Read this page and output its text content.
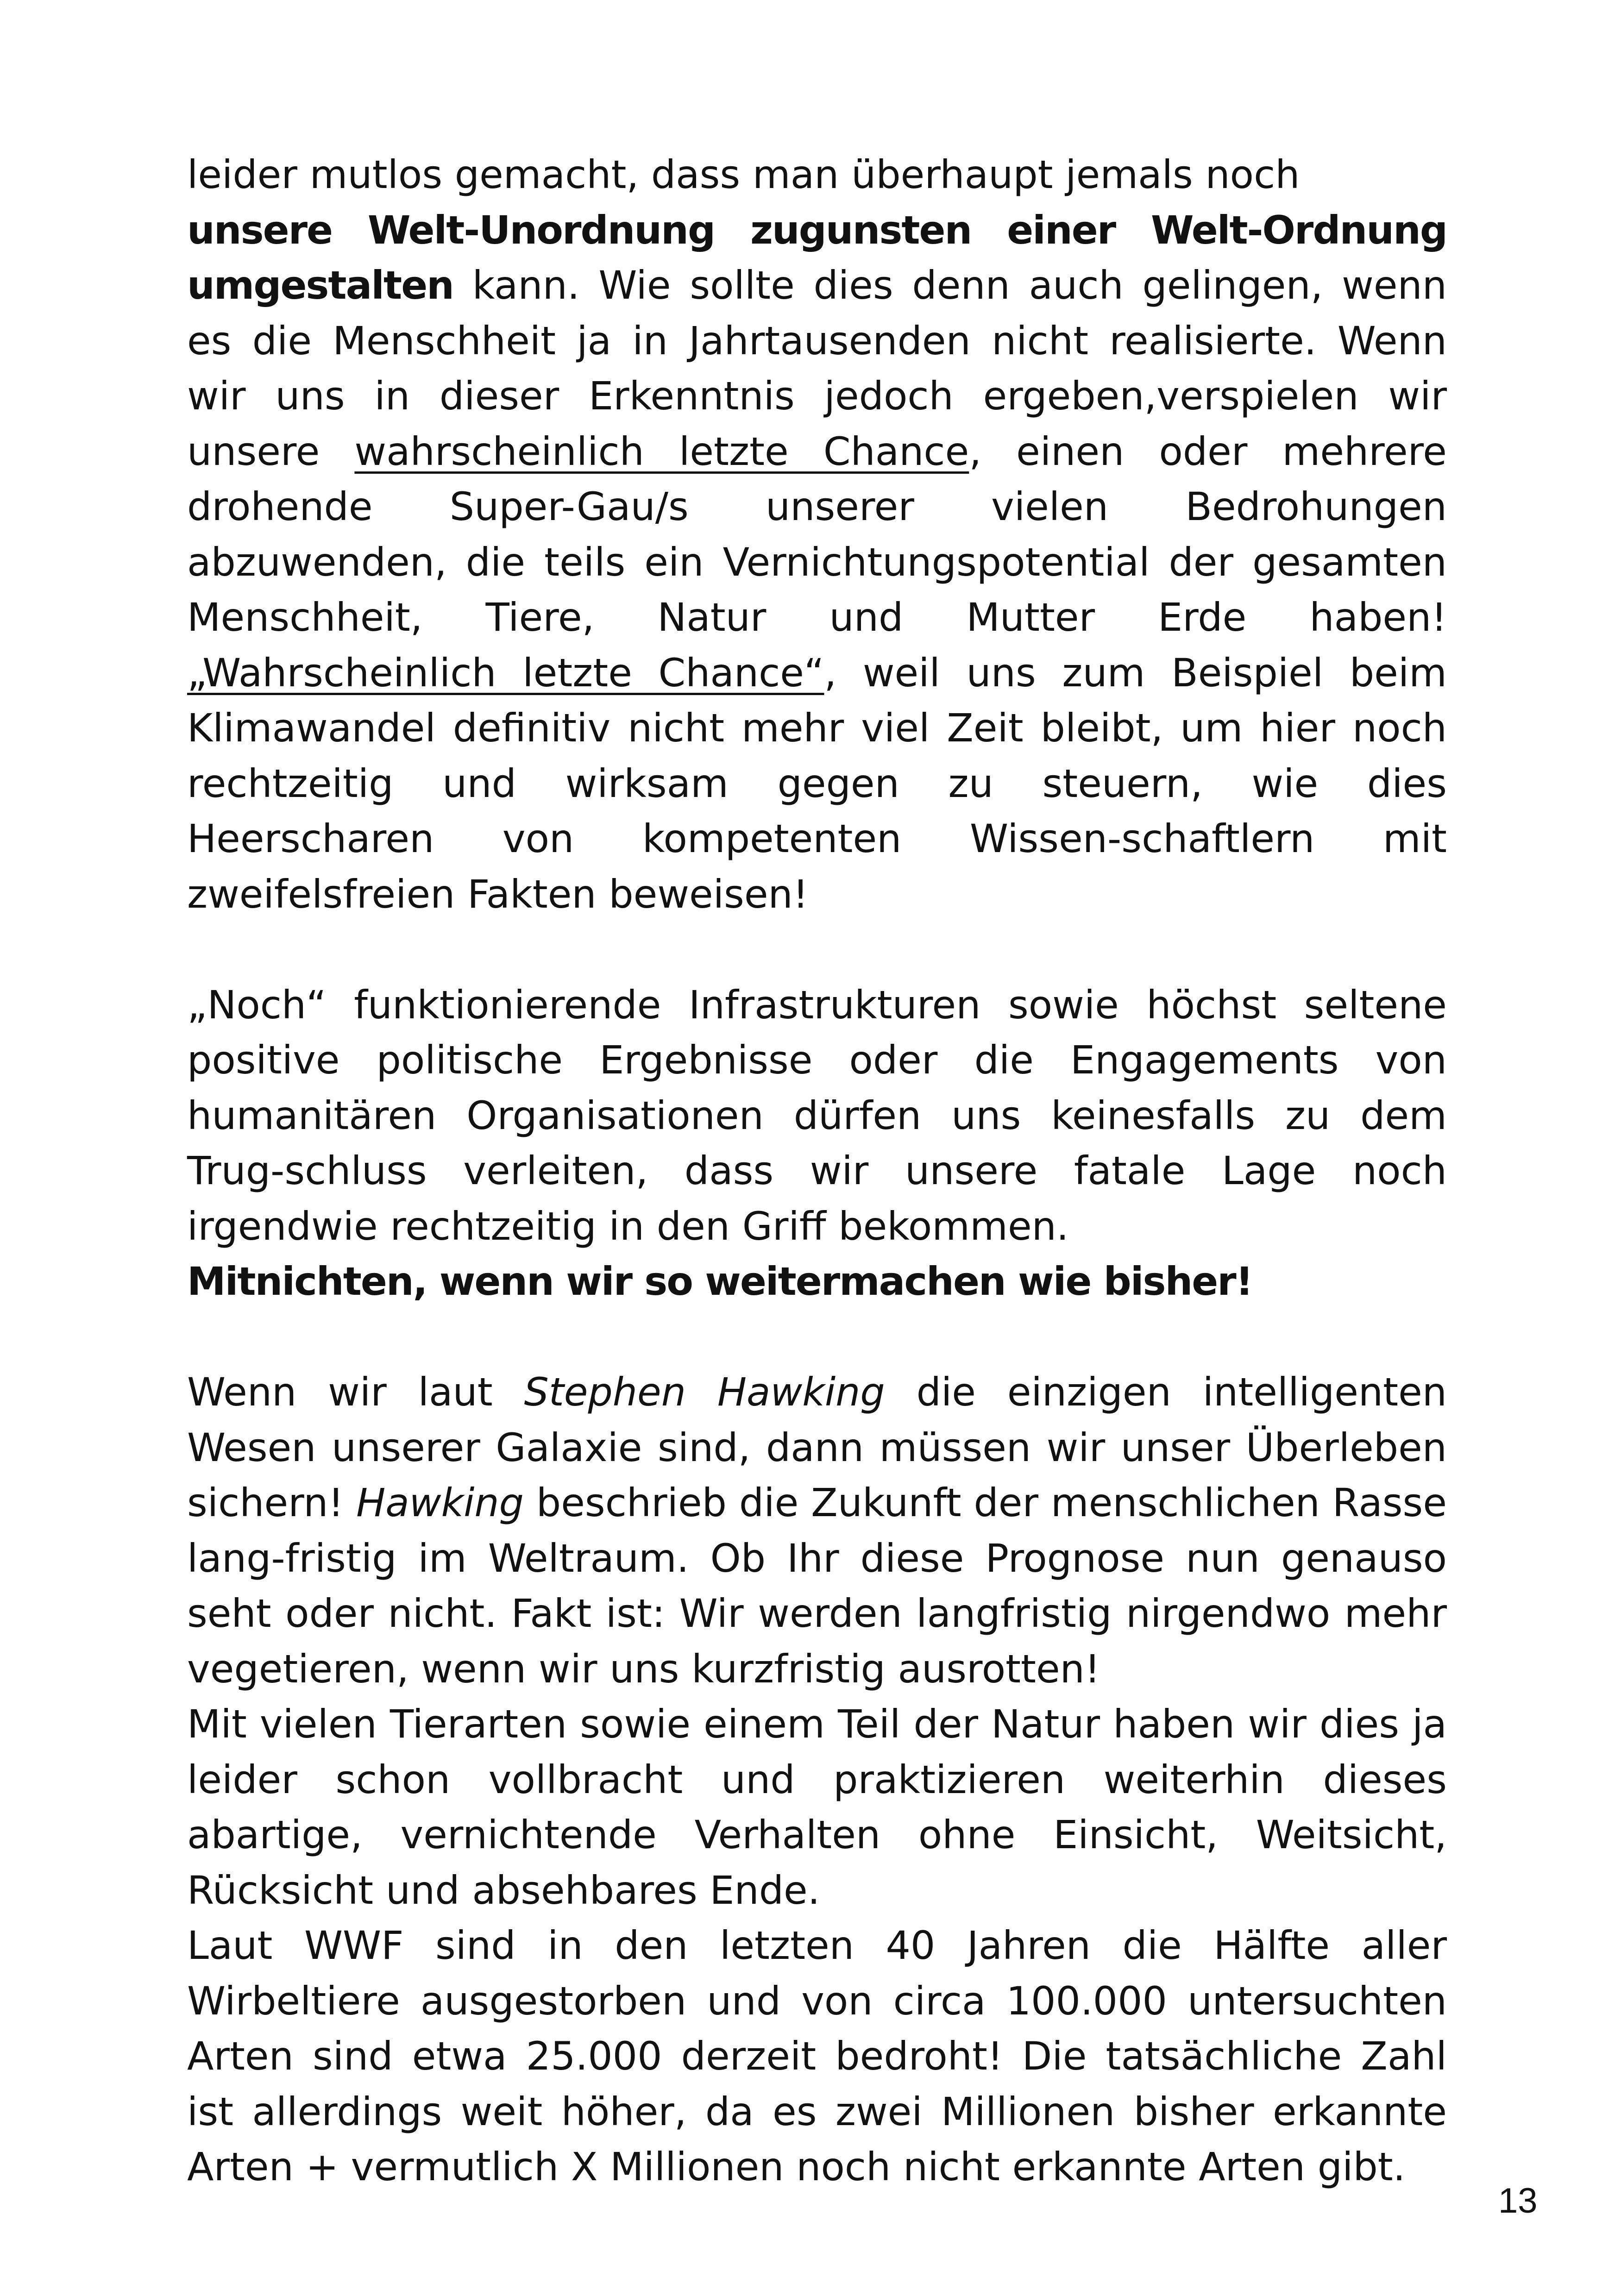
leider mutlos gemacht, dass man überhaupt jemals noch

unsere Welt-Unordnung zugunsten einer Welt-Ordnung umgestalten kann. Wie sollte dies denn auch gelingen, wenn es die Menschheit ja in Jahrtausenden nicht realisierte. Wenn wir uns in dieser Erkenntnis jedoch ergeben,verspielen wir unsere wahrscheinlich letzte Chance, einen oder mehrere drohende Super-Gau/s unserer vielen Bedrohungen abzuwenden, die teils ein Vernichtungspotential der gesamten Menschheit, Tiere, Natur und Mutter Erde haben! „Wahrscheinlich letzte Chance“, weil uns zum Beispiel beim Klimawandel definitiv nicht mehr viel Zeit bleibt, um hier noch rechtzeitig und wirksam gegen zu steuern, wie dies Heerscharen von kompetenten Wissen-schaftlern mit zweifelsfreien Fakten beweisen!

„Noch“ funktionierende Infrastrukturen sowie höchst seltene positive politische Ergebnisse oder die Engagements von humanitären Organisationen dürfen uns keinesfalls zu dem Trug-schluss verleiten, dass wir unsere fatale Lage noch irgendwie rechtzeitig in den Griff bekommen.

Mitnichten, wenn wir so weitermachen wie bisher!

Wenn wir laut Stephen Hawking die einzigen intelligenten Wesen unserer Galaxie sind, dann müssen wir unser Überleben sichern! Hawking beschrieb die Zukunft der menschlichen Rasse lang-fristig im Weltraum. Ob Ihr diese Prognose nun genauso seht oder nicht. Fakt ist: Wir werden langfristig nirgendwo mehr vegetieren, wenn wir uns kurzfristig ausrotten!

Mit vielen Tierarten sowie einem Teil der Natur haben wir dies ja leider schon vollbracht und praktizieren weiterhin dieses abartige, vernichtende Verhalten ohne Einsicht, Weitsicht, Rücksicht und absehbares Ende.

Laut WWF sind in den letzten 40 Jahren die Hälfte aller Wirbeltiere ausgestorben und von circa 100.000 untersuchten Arten sind etwa 25.000 derzeit bedroht! Die tatsächliche Zahl ist allerdings weit höher, da es zwei Millionen bisher erkannte Arten + vermutlich X Millionen noch nicht erkannte Arten gibt.

13
